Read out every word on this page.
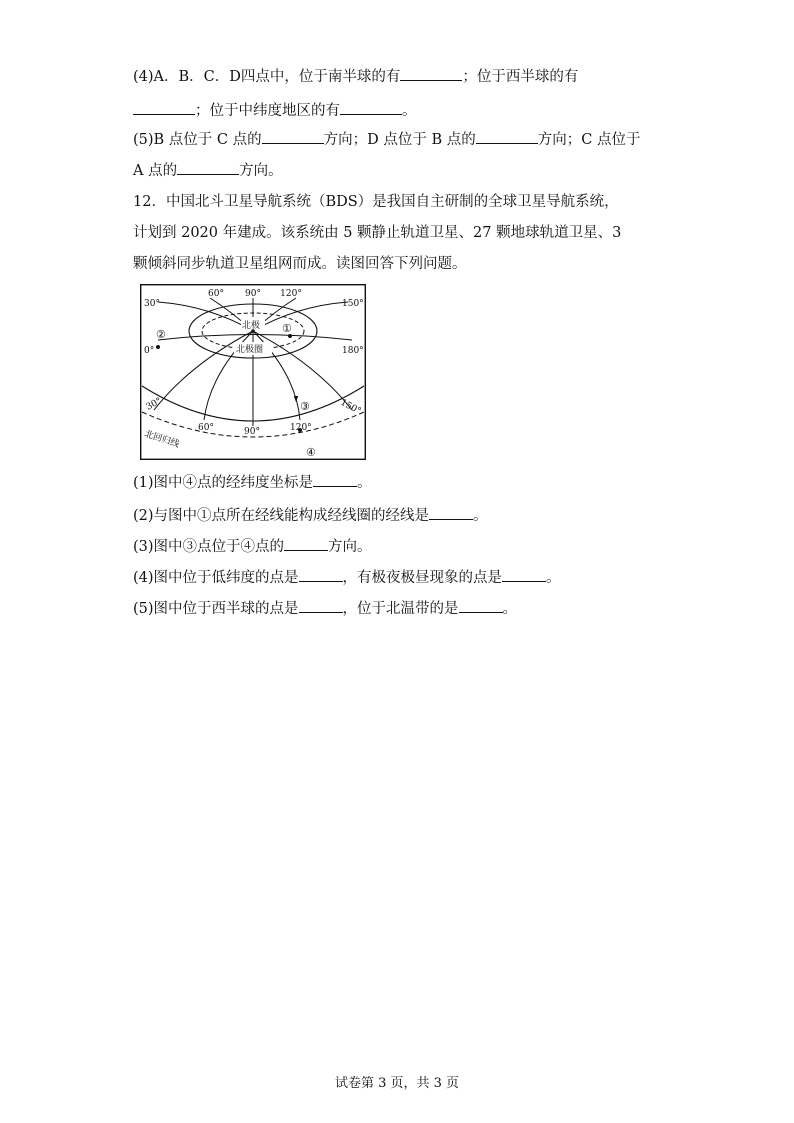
(4)A．B．C．D四点中，位于南半球的有	；位于西半球的有
；位于中纬度地区的有	。
(5)B 点位于 C 点的	方向；D 点位于 B 点的	方向；C 点位于
A 点的	方向。
12．中国北斗卫星导航系统（BDS）是我国自主研制的全球卫星导航系统，
计划到 2020 年建成。该系统由 5 颗静止轨道卫星、27 颗地球轨道卫星、3
颗倾斜同步轨道卫星组网而成。读图回答下列问题。
60° 90° 120°
30°	150°
0°	180°
北极
北极圈
30°
60°	90°	120°
150°
北回归线
①
②
③
④
(1)图中④点的经纬度坐标是	。
(2)与图中①点所在经线能构成经线圈的经线是	。
(3)图中③点位于④点的	方向。
(4)图中位于低纬度的点是	，有极夜极昼现象的点是	。
(5)图中位于西半球的点是	，位于北温带的是	。
试卷第 3 页，共 3 页
